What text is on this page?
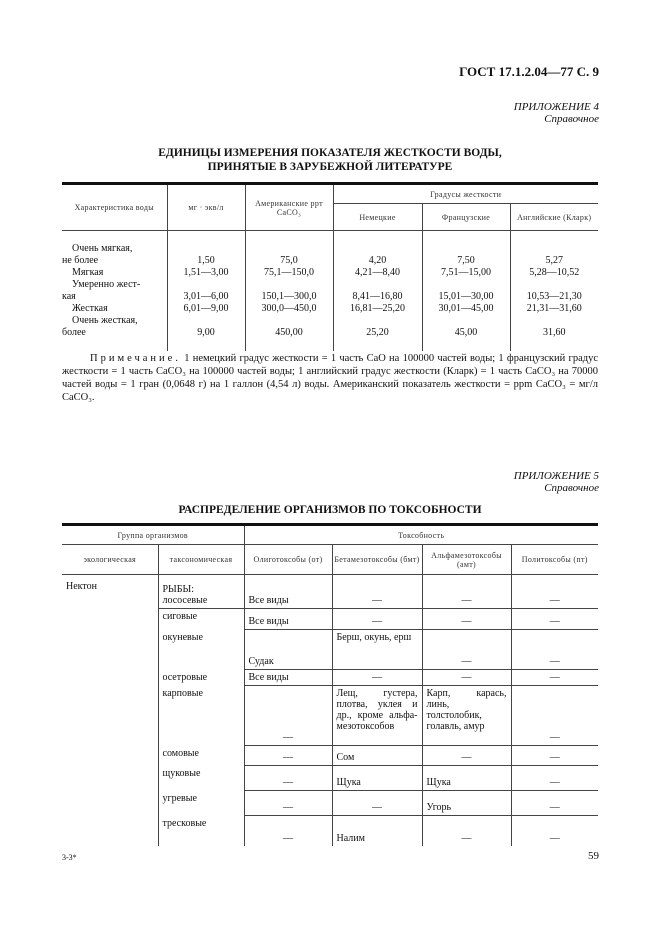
ГОСТ 17.1.2.04—77 С. 9
ПРИЛОЖЕНИЕ 4
Справочное
ЕДИНИЦЫ ИЗМЕРЕНИЯ ПОКАЗАТЕЛЯ ЖЕСТКОСТИ ВОДЫ,
ПРИНЯТЫЕ В ЗАРУБЕЖНОЙ ЛИТЕРАТУРЕ
Характеристика воды	мг · экв/л	Американские ppт CaCO₃	Градусы жесткости		
			Немецкие	Французские	Английские (Кларк)

Очень мягкая,					
не более	1,50	75,0	4,20	7,50	5,27
Мягкая	1,51—3,00	75,1—150,0	4,21—8,40	7,51—15,00	5,28—10,52
Умеренно жест-					
кая	3,01—6,00	150,1—300,0	8,41—16,80	15,01—30,00	10,53—21,30
Жесткая	6,01—9,00	300,0—450,0	16,81—25,20	30,01—45,00	21,31—31,60
Очень жесткая,					
более	9,00	450,00	25,20	45,00	31,60

Примечание. 1 немецкий градус жесткости = 1 часть CaO на 100000 частей воды; 1 французский градус жесткости = 1 часть CaCO₃ на 100000 частей воды; 1 английский градус жесткости (Кларк) = 1 часть CaCO₃ на 70000 частей воды = 1 гран (0,0648 г) на 1 галлон (4,54 л) воды. Американский показатель жесткости = ppm CaCO₃ = мг/л CaCO₃.
ПРИЛОЖЕНИЕ 5
Справочное
РАСПРЕДЕЛЕНИЕ ОРГАНИЗМОВ ПО ТОКСОБНОСТИ
Группа организмов		Токсобность			
экологическая	таксономическая	Олиготоксобы (от)	Бетамезотоксобы (бмт)	Альфамезотоксобы (амт)	Политоксобы (пт)
Нектон	РЫБЫ:
лососевые	Все виды	—	—	—

	сиговые	Все виды	—	—	—

	окуневые	Судак	Берш, окунь, ерш	—	—

	осетровые	Все виды	—	—	—

	карповые	—	Лещ, густера, плотва, уклея и др., кроме альфа-мезотоксобов	Карп, карась, линь, толстолобик, голавль, амур	—

	сомовые	—	Сом	—	—

	щуковые	—	Щука	Щука	—

	угревые	—	—	Угорь	—

	тресковые	—	Налим	—	—
3-3*	59
